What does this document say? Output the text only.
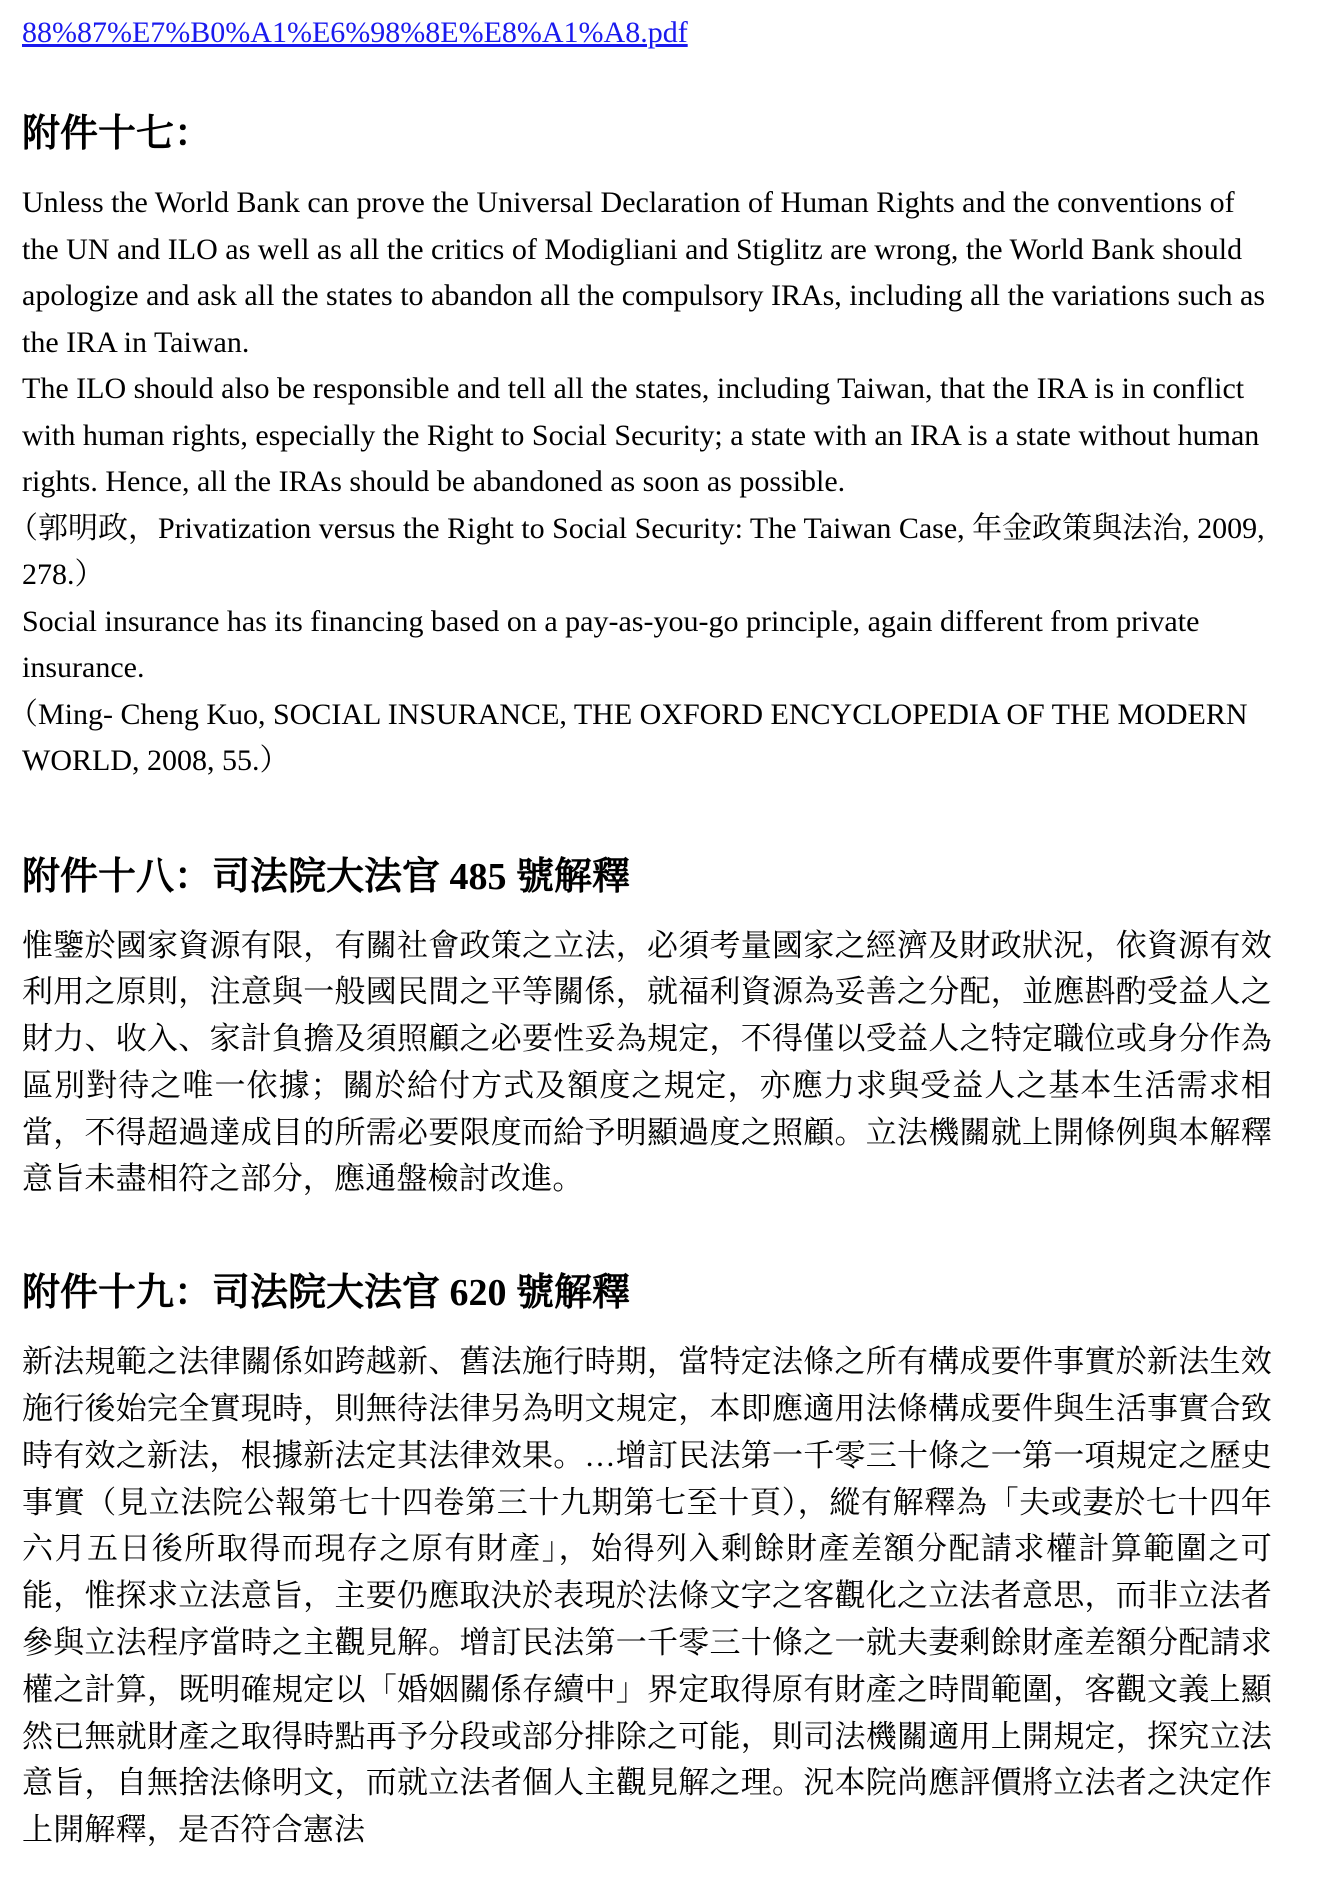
88%87%E7%B0%A1%E6%98%8E%E8%A1%A8.pdf
附件十七：

Unless the World Bank can prove the Universal Declaration of Human Rights and the conventions of the UN and ILO as well as all the critics of Modigliani and Stiglitz are wrong, the World Bank should apologize and ask all the states to abandon all the compulsory IRAs, including all the variations such as the IRA in Taiwan.

The ILO should also be responsible and tell all the states, including Taiwan, that the IRA is in conflict with human rights, especially the Right to Social Security; a state with an IRA is a state without human rights. Hence, all the IRAs should be abandoned as soon as possible.

（郭明政，Privatization versus the Right to Social Security: The Taiwan Case, 年金政策與法治, 2009, 278.）

Social insurance has its financing based on a pay-as-you-go principle, again different from private insurance.

（Ming- Cheng Kuo, SOCIAL INSURANCE, THE OXFORD ENCYCLOPEDIA OF THE MODERN WORLD, 2008, 55.）

附件十八：司法院大法官 485 號解釋

惟鑒於國家資源有限，有關社會政策之立法，必須考量國家之經濟及財政狀況，依資源有效利用之原則，注意與一般國民間之平等關係，就福利資源為妥善之分配，並應斟酌受益人之財力、收入、家計負擔及須照顧之必要性妥為規定，不得僅以受益人之特定職位或身分作為區別對待之唯一依據；關於給付方式及額度之規定，亦應力求與受益人之基本生活需求相當，不得超過達成目的所需必要限度而給予明顯過度之照顧。立法機關就上開條例與本解釋意旨未盡相符之部分，應通盤檢討改進。

附件十九：司法院大法官 620 號解釋

新法規範之法律關係如跨越新、舊法施行時期，當特定法條之所有構成要件事實於新法生效施行後始完全實現時，則無待法律另為明文規定，本即應適用法條構成要件與生活事實合致時有效之新法，根據新法定其法律效果。…增訂民法第一千零三十條之一第一項規定之歷史事實（見立法院公報第七十四卷第三十九期第七至十頁），縱有解釋為「夫或妻於七十四年六月五日後所取得而現存之原有財產」，始得列入剩餘財產差額分配請求權計算範圍之可能，惟探求立法意旨，主要仍應取決於表現於法條文字之客觀化之立法者意思，而非立法者參與立法程序當時之主觀見解。增訂民法第一千零三十條之一就夫妻剩餘財產差額分配請求權之計算，既明確規定以「婚姻關係存續中」界定取得原有財產之時間範圍，客觀文義上顯然已無就財產之取得時點再予分段或部分排除之可能，則司法機關適用上開規定，探究立法意旨，自無捨法條明文，而就立法者個人主觀見解之理。況本院尚應評價將立法者之決定作上開解釋，是否符合憲法
